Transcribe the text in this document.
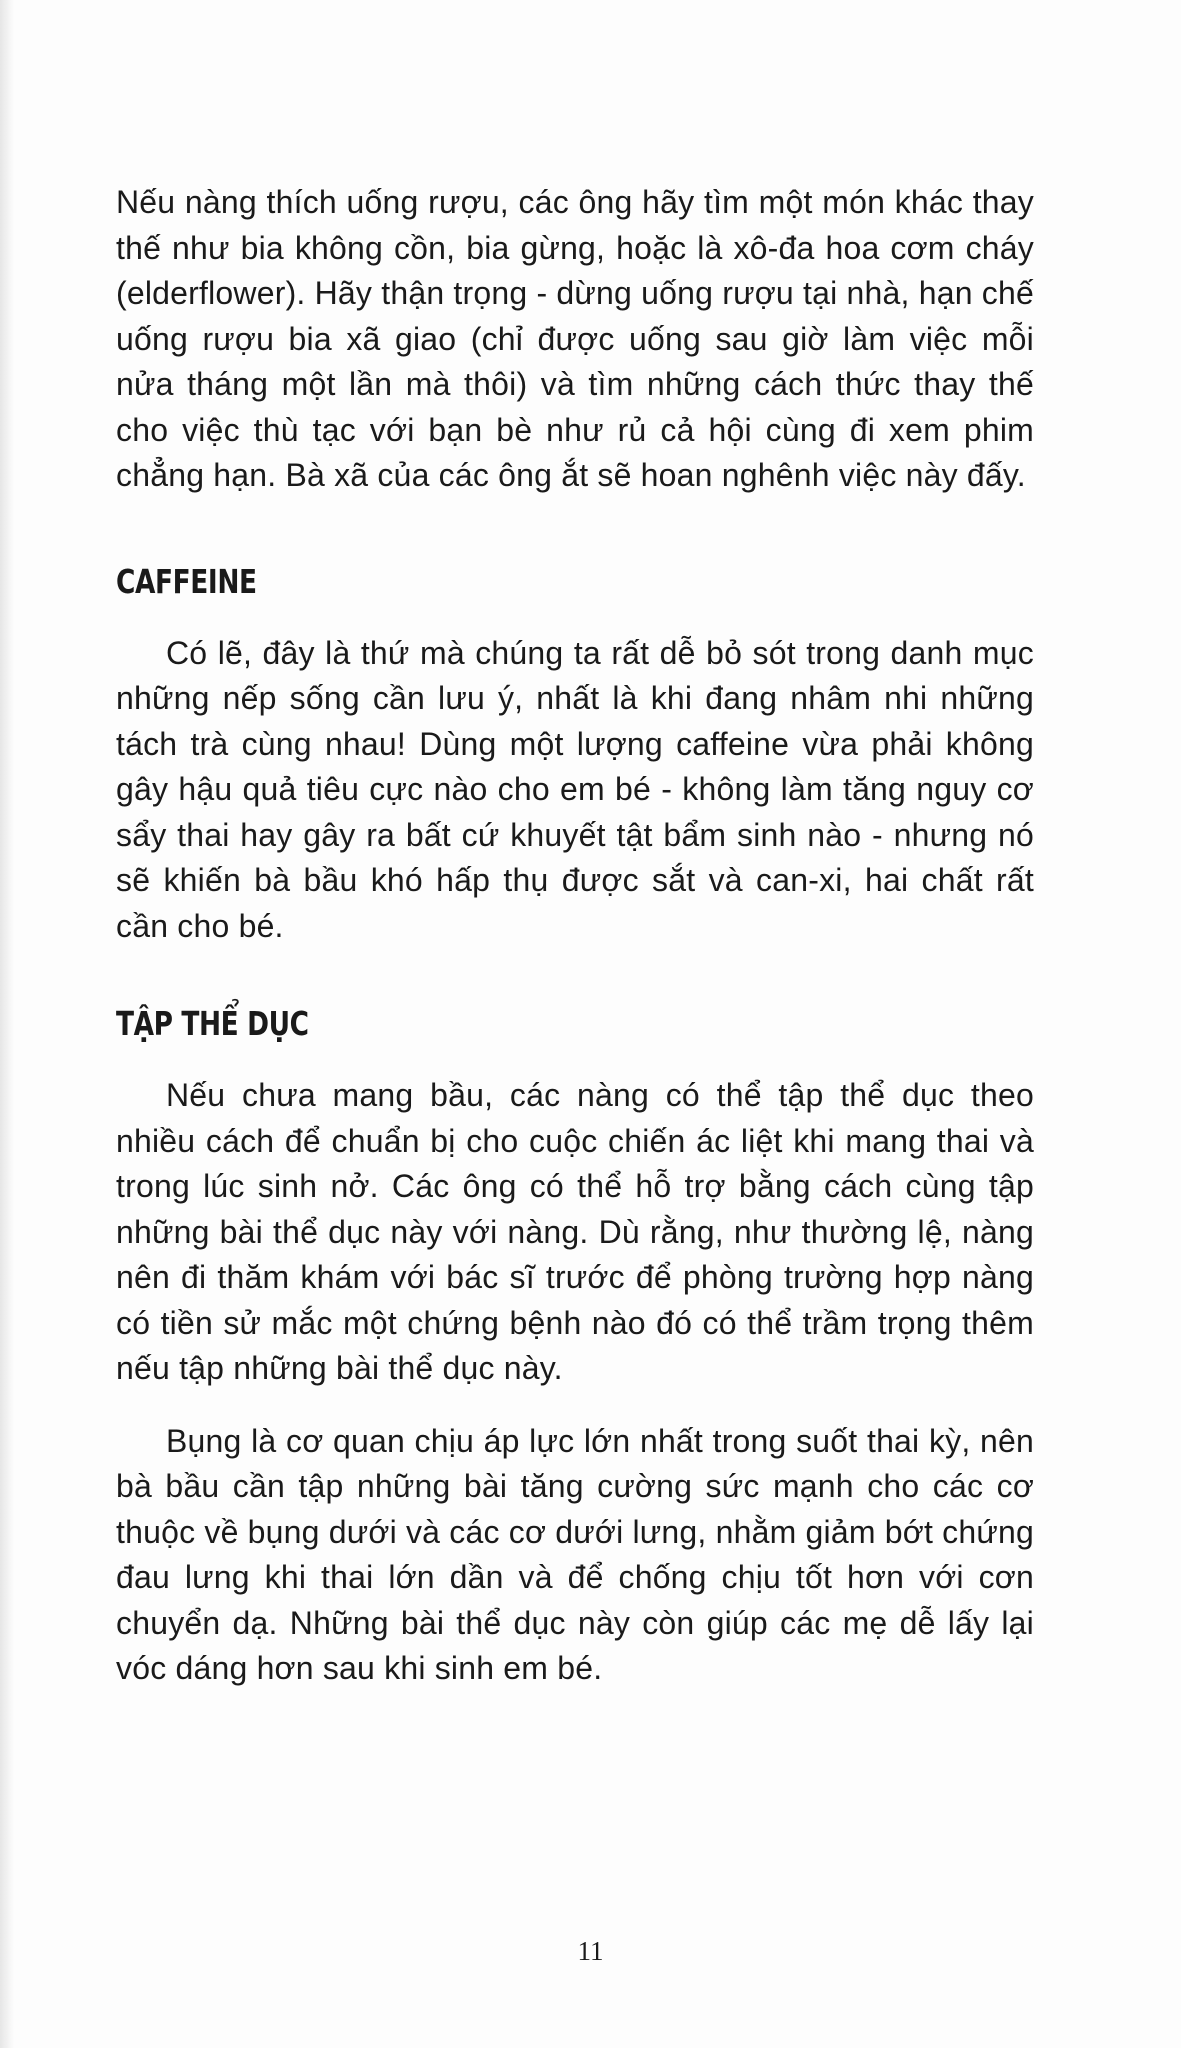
Nếu nàng thích uống rượu, các ông hãy tìm một món khác thay thế như bia không cồn, bia gừng, hoặc là xô-đa hoa cơm cháy (elderflower). Hãy thận trọng - dừng uống rượu tại nhà, hạn chế uống rượu bia xã giao (chỉ được uống sau giờ làm việc mỗi nửa tháng một lần mà thôi) và tìm những cách thức thay thế cho việc thù tạc với bạn bè như rủ cả hội cùng đi xem phim chẳng hạn. Bà xã của các ông ắt sẽ hoan nghênh việc này đấy.

CAFFEINE

Có lẽ, đây là thứ mà chúng ta rất dễ bỏ sót trong danh mục những nếp sống cần lưu ý, nhất là khi đang nhâm nhi những tách trà cùng nhau! Dùng một lượng caffeine vừa phải không gây hậu quả tiêu cực nào cho em bé - không làm tăng nguy cơ sẩy thai hay gây ra bất cứ khuyết tật bẩm sinh nào - nhưng nó sẽ khiến bà bầu khó hấp thụ được sắt và can-xi, hai chất rất cần cho bé.

TẬP THỂ DỤC

Nếu chưa mang bầu, các nàng có thể tập thể dục theo nhiều cách để chuẩn bị cho cuộc chiến ác liệt khi mang thai và trong lúc sinh nở. Các ông có thể hỗ trợ bằng cách cùng tập những bài thể dục này với nàng. Dù rằng, như thường lệ, nàng nên đi thăm khám với bác sĩ trước để phòng trường hợp nàng có tiền sử mắc một chứng bệnh nào đó có thể trầm trọng thêm nếu tập những bài thể dục này.

Bụng là cơ quan chịu áp lực lớn nhất trong suốt thai kỳ, nên bà bầu cần tập những bài tăng cường sức mạnh cho các cơ thuộc về bụng dưới và các cơ dưới lưng, nhằm giảm bớt chứng đau lưng khi thai lớn dần và để chống chịu tốt hơn với cơn chuyển dạ. Những bài thể dục này còn giúp các mẹ dễ lấy lại vóc dáng hơn sau khi sinh em bé.

11
